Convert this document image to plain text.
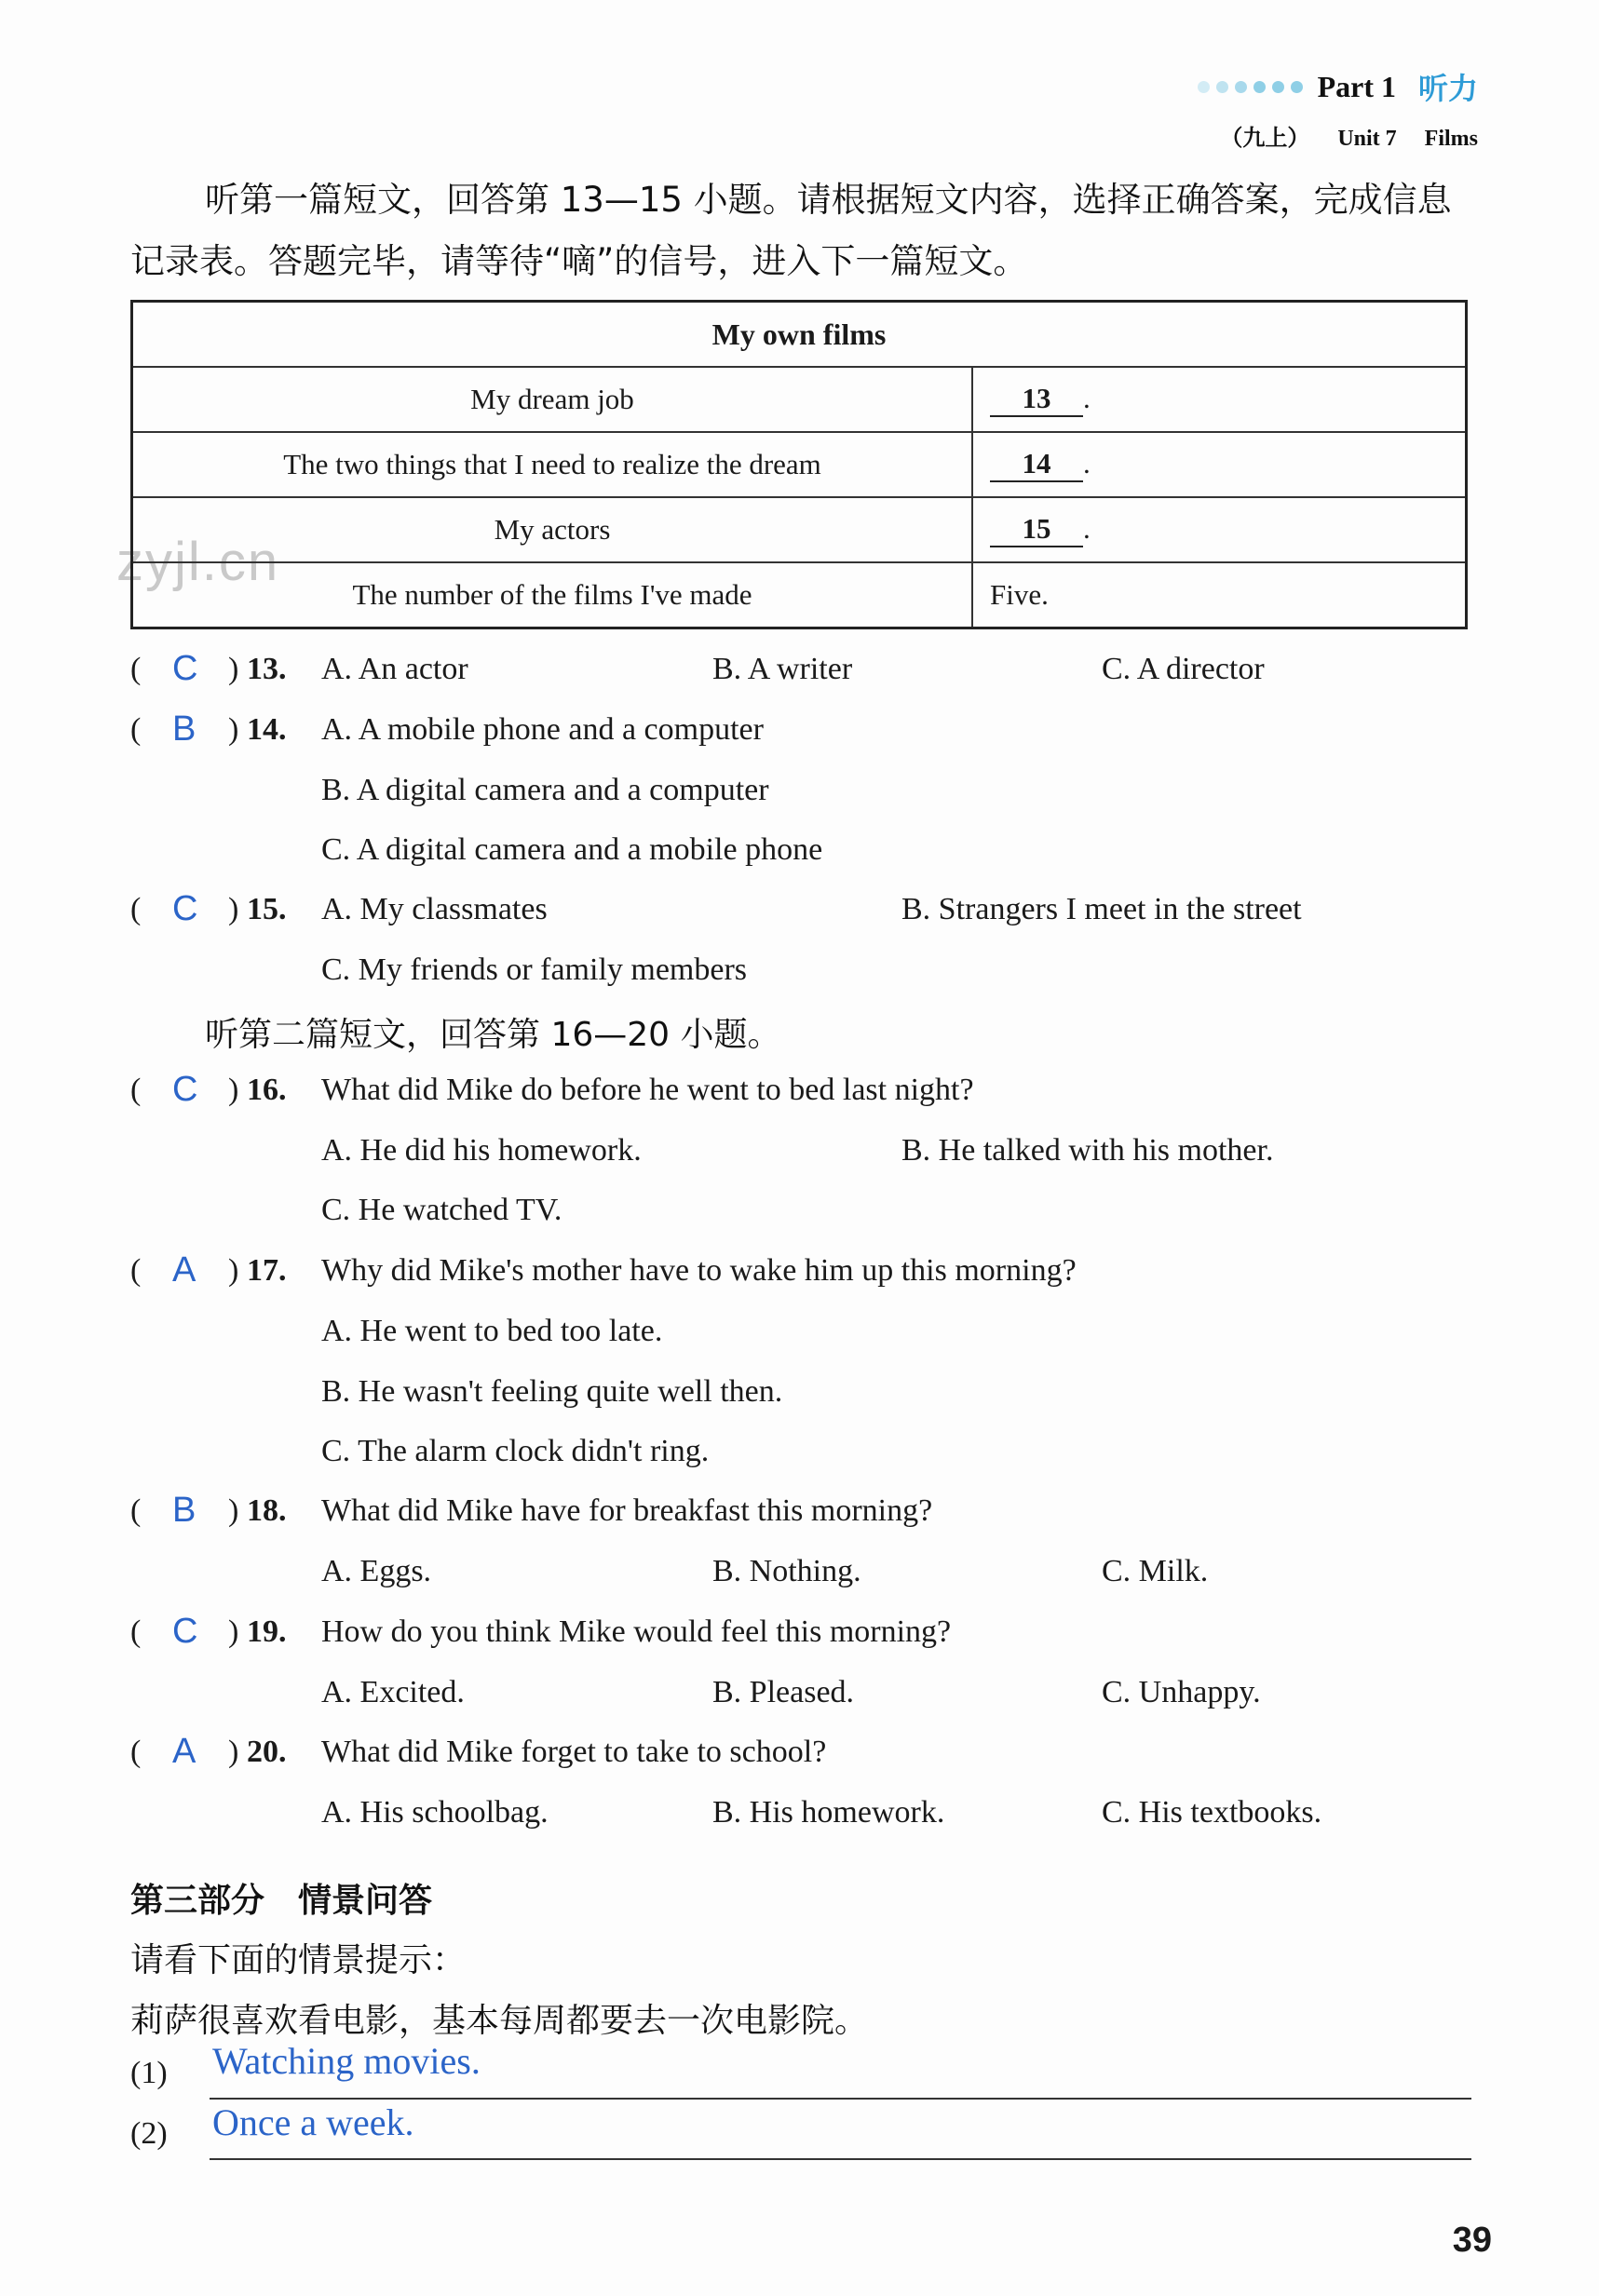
Part 1 听力
（九上） Unit 7 Films
zyjl.cn
听第一篇短文，回答第 13—15 小题。请根据短文内容，选择正确答案，完成信息记录表。答题完毕，请等待“嘀”的信号，进入下一篇短文。
My own films	
My dream job	13 .
The two things that I need to realize the dream	14 .
My actors	15 .
The number of the films I've made	Five.
( C ) 13. A. An actor	B. A writer	C. A director
( B ) 14. A. A mobile phone and a computer
B. A digital camera and a computer
C. A digital camera and a mobile phone
( C ) 15. A. My classmates	B. Strangers I meet in the street
C. My friends or family members
听第二篇短文，回答第 16—20 小题。
( C ) 16. What did Mike do before he went to bed last night?
A. He did his homework.	B. He talked with his mother.
C. He watched TV.
( A ) 17. Why did Mike's mother have to wake him up this morning?
A. He went to bed too late.
B. He wasn't feeling quite well then.
C. The alarm clock didn't ring.
( B ) 18. What did Mike have for breakfast this morning?
A. Eggs.	B. Nothing.	C. Milk.
( C ) 19. How do you think Mike would feel this morning?
A. Excited.	B. Pleased.	C. Unhappy.
( A ) 20. What did Mike forget to take to school?
A. His schoolbag.	B. His homework.	C. His textbooks.
第三部分　情景问答
请看下面的情景提示：
莉萨很喜欢看电影，基本每周都要去一次电影院。
(1) Watching movies.
(2) Once a week.
39
